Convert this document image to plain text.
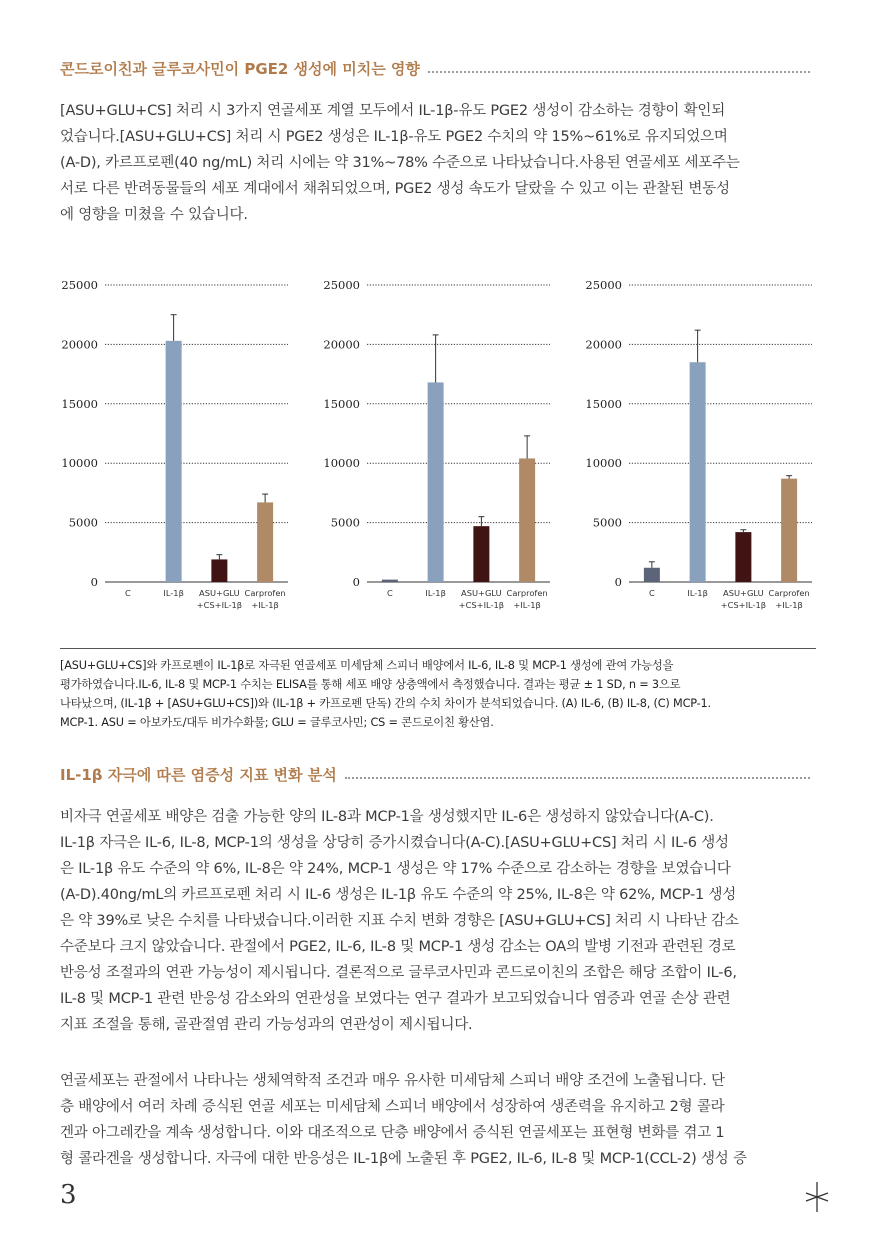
콘드로이친과 글루코사민이 PGE2 생성에 미치는 영향

[ASU+GLU+CS] 처리 시 3가지 연골세포 계열 모두에서 IL-1β-유도 PGE2 생성이 감소하는 경향이 확인되
었습니다.[ASU+GLU+CS] 처리 시 PGE2 생성은 IL-1β-유도 PGE2 수치의 약 15%~61%로 유지되었으며
(A-D), 카르프로펜(40 ng/mL) 처리 시에는 약 31%~78% 수준으로 나타났습니다.사용된 연골세포 세포주는
서로 다른 반려동물들의 세포 계대에서 채취되었으며, PGE2 생성 속도가 달랐을 수 있고 이는 관찰된 변동성
에 영향을 미쳤을 수 있습니다.

0
5000
10000
15000
20000
25000
C	IL-1β ASU+GLU
+CS+IL-1β
Carprofen
+IL-1β
0
5000
10000
15000
20000
25000
C	IL-1β ASU+GLU
+CS+IL-1β
Carprofen
+IL-1β
0
5000
10000
15000
20000
25000
C	IL-1β ASU+GLU
+CS+IL-1β
Carprofen
+IL-1β

[ASU+GLU+CS]와 카프로펜이 IL-1β로 자극된 연골세포 미세담체 스피너 배양에서 IL-6, IL-8 및 MCP-1 생성에 관여 가능성을
평가하였습니다.IL-6, IL-8 및 MCP-1 수치는 ELISA를 통해 세포 배양 상층액에서 측정했습니다. 결과는 평균 ± 1 SD, n = 3으로
나타났으며, (IL-1β + [ASU+GLU+CS])와 (IL-1β + 카프로펜 단독) 간의 수치 차이가 분석되었습니다. (A) IL-6, (B) IL-8, (C) MCP-1.
MCP-1. ASU = 아보카도/대두 비가수화물; GLU = 글루코사민; CS = 콘드로이친 황산염.

IL-1β 자극에 따른 염증성 지표 변화 분석

비자극 연골세포 배양은 검출 가능한 양의 IL-8과 MCP-1을 생성했지만 IL-6은 생성하지 않았습니다(A-C).
IL-1β 자극은 IL-6, IL-8, MCP-1의 생성을 상당히 증가시켰습니다(A-C).[ASU+GLU+CS] 처리 시 IL-6 생성
은 IL-1β 유도 수준의 약 6%, IL-8은 약 24%, MCP-1 생성은 약 17% 수준으로 감소하는 경향을 보였습니다
(A-D).40ng/mL의 카르프로펜 처리 시 IL-6 생성은 IL-1β 유도 수준의 약 25%, IL-8은 약 62%, MCP-1 생성
은 약 39%로 낮은 수치를 나타냈습니다.이러한 지표 수치 변화 경향은 [ASU+GLU+CS] 처리 시 나타난 감소
수준보다 크지 않았습니다. 관절에서 PGE2, IL-6, IL-8 및 MCP-1 생성 감소는 OA의 발병 기전과 관련된 경로
반응성 조절과의 연관 가능성이 제시됩니다. 결론적으로 글루코사민과 콘드로이친의 조합은 해당 조합이 IL-6,
IL-8 및 MCP-1 관련 반응성 감소와의 연관성을 보였다는 연구 결과가 보고되었습니다 염증과 연골 손상 관련
지표 조절을 통해, 골관절염 관리 가능성과의 연관성이 제시됩니다.

연골세포는 관절에서 나타나는 생체역학적 조건과 매우 유사한 미세담체 스피너 배양 조건에 노출됩니다. 단
층 배양에서 여러 차례 증식된 연골 세포는 미세담체 스피너 배양에서 성장하여 생존력을 유지하고 2형 콜라
겐과 아그레칸을 계속 생성합니다. 이와 대조적으로 단층 배양에서 증식된 연골세포는 표현형 변화를 겪고 1
형 콜라겐을 생성합니다. 자극에 대한 반응성은 IL-1β에 노출된 후 PGE2, IL-6, IL-8 및 MCP-1(CCL-2) 생성 증

3
